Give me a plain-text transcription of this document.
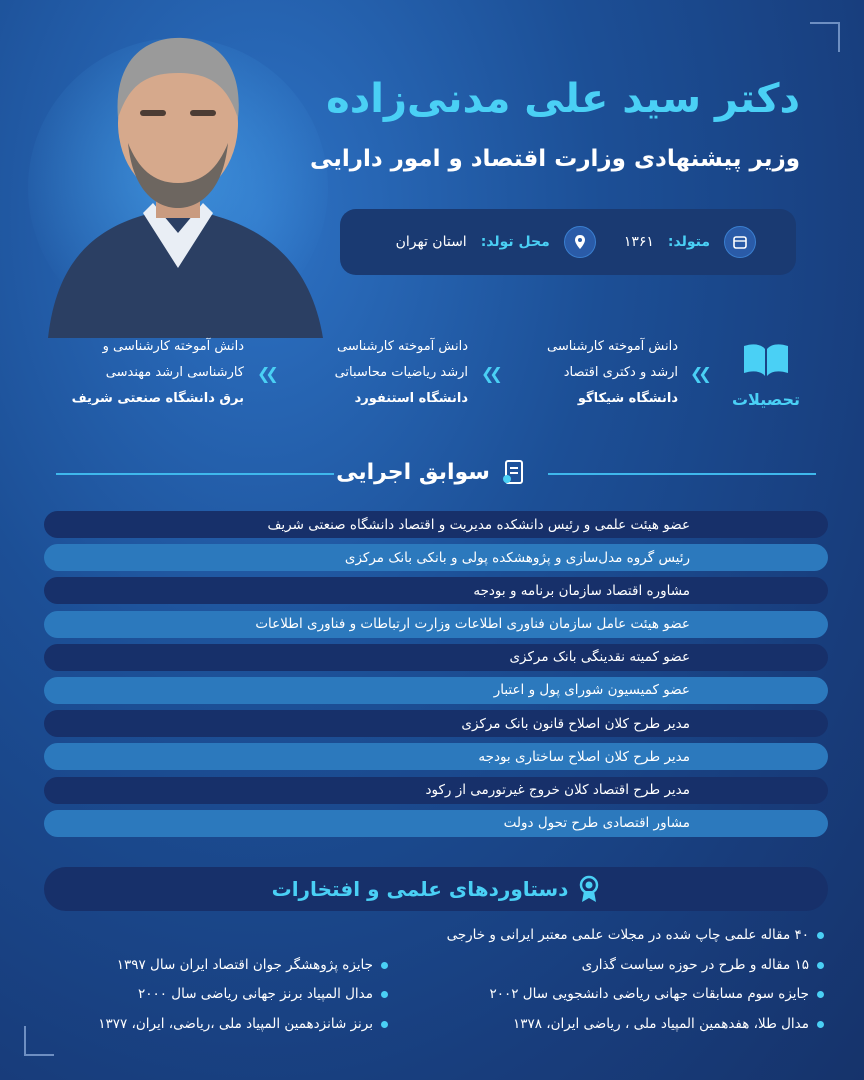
دکتر سید علی مدنی‌زاده
وزیر پیشنهادی وزارت اقتصاد و امور دارایی
متولد:
۱۳۶۱
محل تولد:
استان تهران
تحصیلات
دانش آموخته کارشناسی
ارشد و دکتری اقتصاد
دانشگاه شیکاگو
❮❮
دانش آموخته کارشناسی
ارشد ریاضیات محاسباتی
دانشگاه استنفورد
❮❮
دانش آموخته کارشناسی و
کارشناسی ارشد مهندسی
برق دانشگاه صنعتی شریف
❮❮
سوابق اجرایی
عضو هیئت علمی و رئیس دانشکده مدیریت و اقتصاد دانشگاه صنعتی شریف
رئیس گروه مدل‌سازی و پژوهشکده پولی و بانکی بانک مرکزی
مشاوره اقتصاد سازمان برنامه و بودجه
عضو هیئت عامل سازمان فناوری اطلاعات وزارت ارتباطات و فناوری اطلاعات
عضو کمیته نقدینگی بانک مرکزی
عضو کمیسیون شورای پول و اعتبار
مدیر طرح کلان اصلاح قانون بانک مرکزی
مدیر طرح کلان اصلاح ساختاری بودجه
مدیر طرح اقتصاد کلان خروج غیرتورمی از رکود
مشاور اقتصادی طرح تحول دولت
دستاوردهای علمی و افتخارات
۴۰ مقاله علمی چاپ شده در مجلات علمی معتبر ایرانی و خارجی
۱۵ مقاله و طرح در حوزه سیاست گذاری
جایزه پژوهشگر جوان اقتصاد ایران سال ۱۳۹۷
جایزه سوم مسابقات جهانی ریاضی دانشجویی سال ۲۰۰۲
مدال المپیاد برنز جهانی ریاضی سال ۲۰۰۰
مدال طلا، هفدهمین المپیاد ملی ، ریاضی ایران، ۱۳۷۸
برنز شانزدهمین المپیاد ملی ،ریاضی، ایران، ۱۳۷۷
